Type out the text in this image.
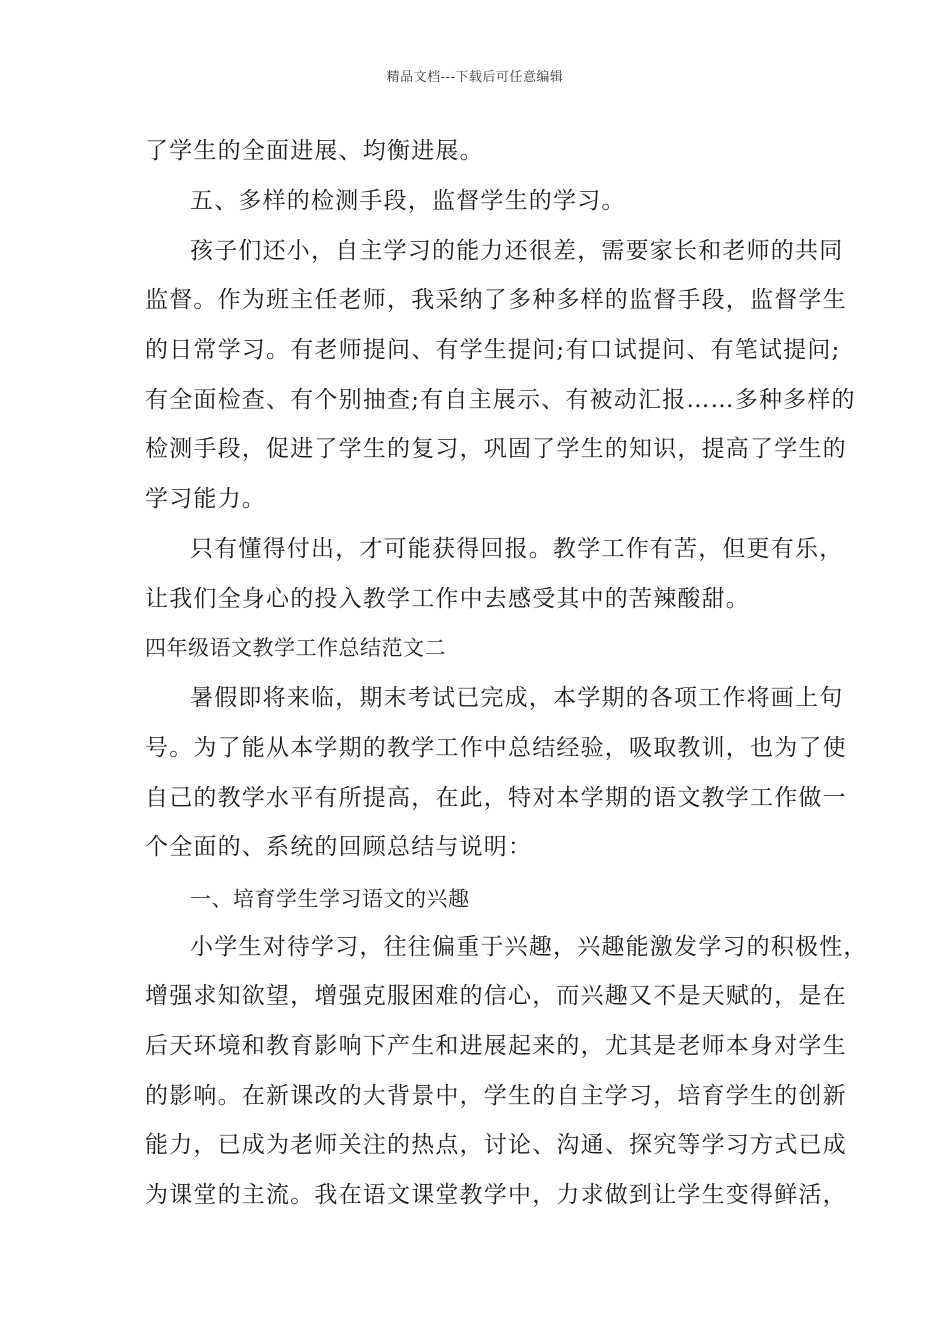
精品文档---下载后可任意编辑
了学生的全面进展、均衡进展。
五、多样的检测手段，监督学生的学习。
孩子们还小，自主学习的能力还很差，需要家长和老师的共同
监督。作为班主任老师，我采纳了多种多样的监督手段，监督学生
的日常学习。有老师提问、有学生提问;有口试提问、有笔试提问;
有全面检查、有个别抽查;有自主展示、有被动汇报……多种多样的
检测手段，促进了学生的复习，巩固了学生的知识，提高了学生的
学习能力。
只有懂得付出，才可能获得回报。教学工作有苦，但更有乐，
让我们全身心的投入教学工作中去感受其中的苦辣酸甜。
四年级语文教学工作总结范文二
暑假即将来临，期末考试已完成，本学期的各项工作将画上句
号。为了能从本学期的教学工作中总结经验，吸取教训，也为了使
自己的教学水平有所提高，在此，特对本学期的语文教学工作做一
个全面的、系统的回顾总结与说明：
一、培育学生学习语文的兴趣
小学生对待学习，往往偏重于兴趣，兴趣能激发学习的积极性，
增强求知欲望，增强克服困难的信心，而兴趣又不是天赋的，是在
后天环境和教育影响下产生和进展起来的，尤其是老师本身对学生
的影响。在新课改的大背景中，学生的自主学习，培育学生的创新
能力，已成为老师关注的热点，讨论、沟通、探究等学习方式已成
为课堂的主流。我在语文课堂教学中，力求做到让学生变得鲜活，
